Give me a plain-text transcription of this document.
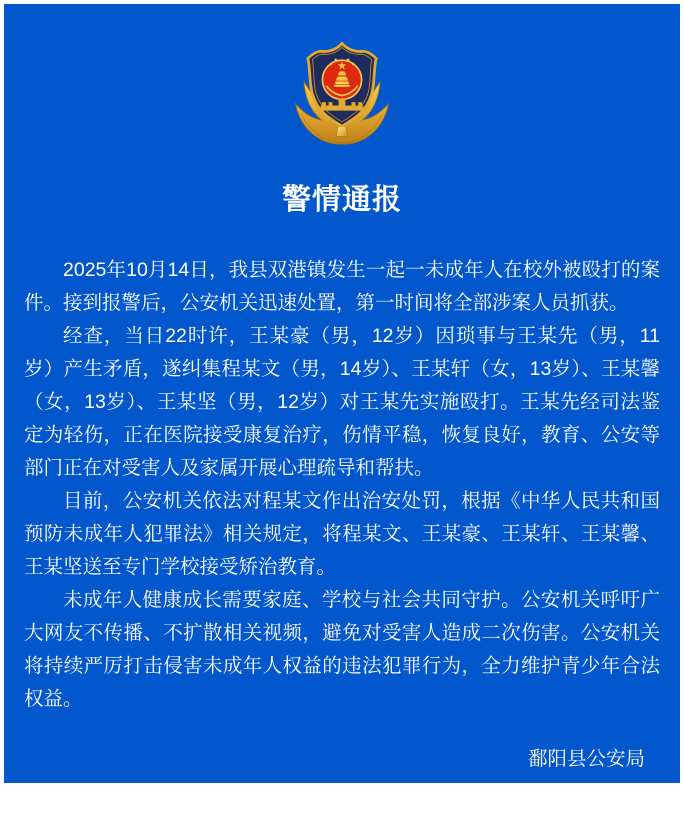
警情通报

2025年10月14日，我县双港镇发生一起一未成年人在校外被殴打的案件。接到报警后，公安机关迅速处置，第一时间将全部涉案人员抓获。

经查，当日22时许，王某豪（男，12岁）因琐事与王某先（男，11岁）产生矛盾，遂纠集程某文（男，14岁）、王某轩（女，13岁）、王某馨（女，13岁）、王某坚（男，12岁）对王某先实施殴打。王某先经司法鉴定为轻伤，正在医院接受康复治疗，伤情平稳，恢复良好，教育、公安等部门正在对受害人及家属开展心理疏导和帮扶。

目前，公安机关依法对程某文作出治安处罚，根据《中华人民共和国预防未成年人犯罪法》相关规定，将程某文、王某豪、王某轩、王某馨、王某坚送至专门学校接受矫治教育。

未成年人健康成长需要家庭、学校与社会共同守护。公安机关呼吁广大网友不传播、不扩散相关视频，避免对受害人造成二次伤害。公安机关将持续严厉打击侵害未成年人权益的违法犯罪行为，全力维护青少年合法权益。

鄱阳县公安局
2025年10月25日
